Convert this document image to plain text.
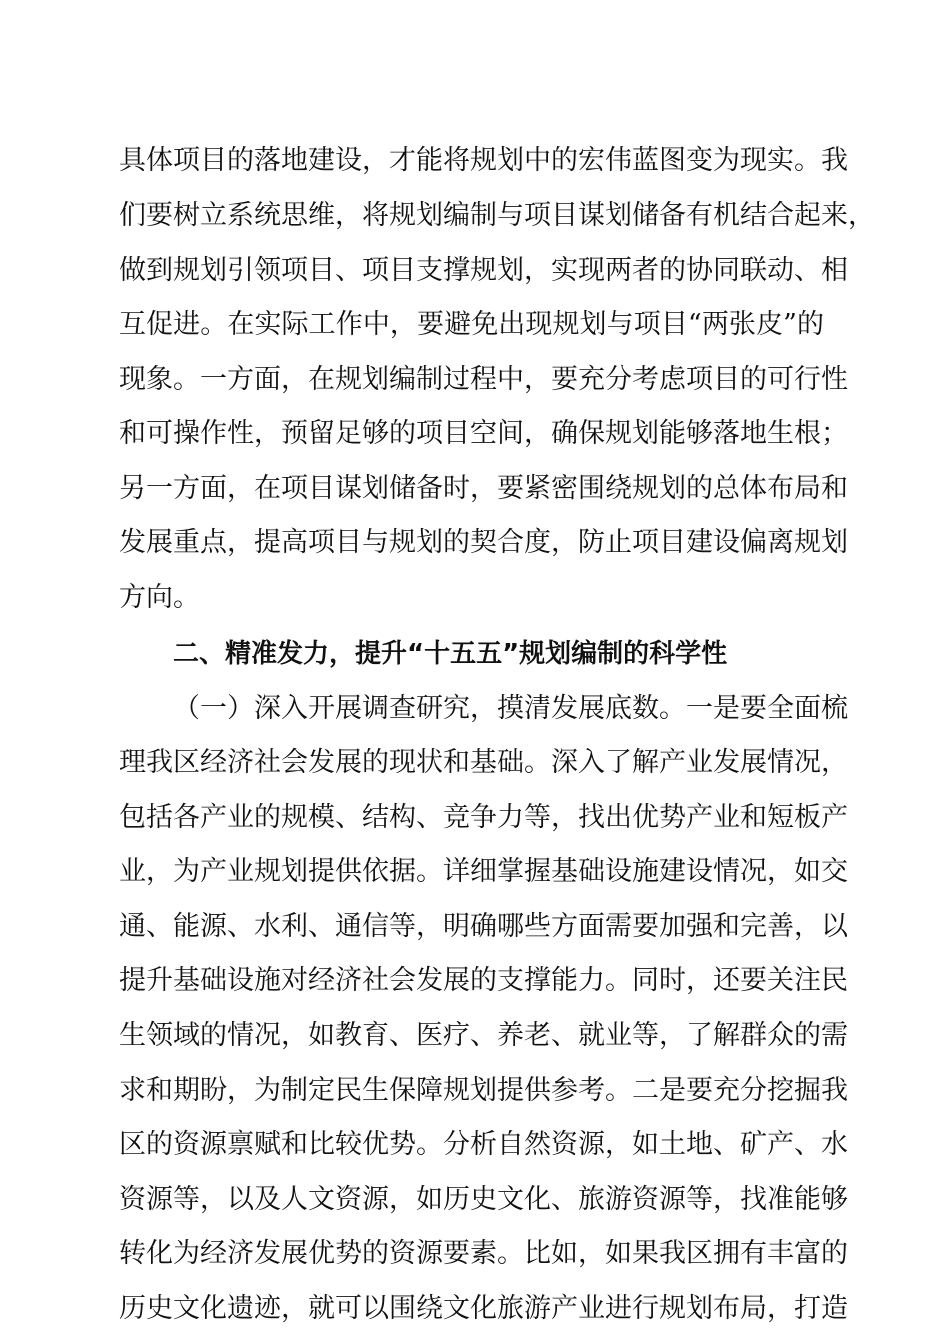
具体项目的落地建设，才能将规划中的宏伟蓝图变为现实。我
们要树立系统思维，将规划编制与项目谋划储备有机结合起来，
做到规划引领项目、项目支撑规划，实现两者的协同联动、相
互促进。在实际工作中，要避免出现规划与项目“两张皮”的
现象。一方面，在规划编制过程中，要充分考虑项目的可行性
和可操作性，预留足够的项目空间，确保规划能够落地生根；
另一方面，在项目谋划储备时，要紧密围绕规划的总体布局和
发展重点，提高项目与规划的契合度，防止项目建设偏离规划
方向。
二、精准发力，提升“十五五”规划编制的科学性
（一）深入开展调查研究，摸清发展底数。一是要全面梳
理我区经济社会发展的现状和基础。深入了解产业发展情况，
包括各产业的规模、结构、竞争力等，找出优势产业和短板产
业，为产业规划提供依据。详细掌握基础设施建设情况，如交
通、能源、水利、通信等，明确哪些方面需要加强和完善，以
提升基础设施对经济社会发展的支撑能力。同时，还要关注民
生领域的情况，如教育、医疗、养老、就业等，了解群众的需
求和期盼，为制定民生保障规划提供参考。二是要充分挖掘我
区的资源禀赋和比较优势。分析自然资源，如土地、矿产、水
资源等，以及人文资源，如历史文化、旅游资源等，找准能够
转化为经济发展优势的资源要素。比如，如果我区拥有丰富的
历史文化遗迹，就可以围绕文化旅游产业进行规划布局，打造
